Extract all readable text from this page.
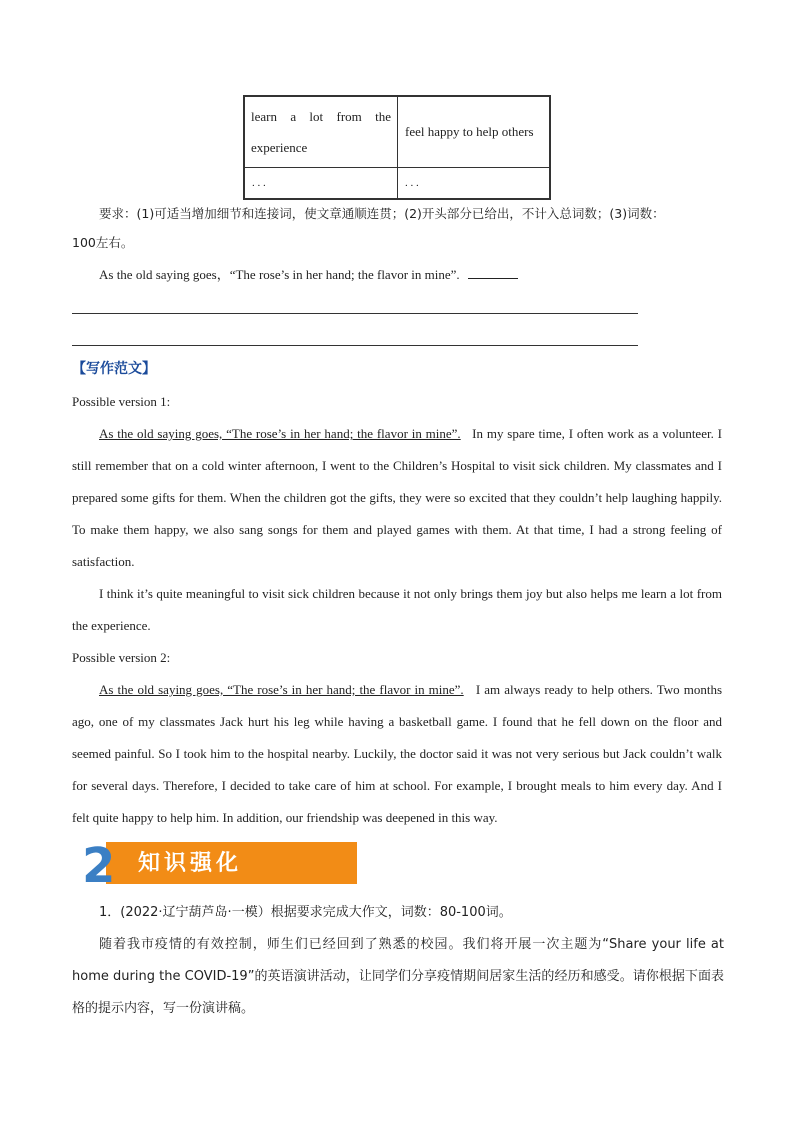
learn a lot from the experience	feel happy to help others
. . .	. . .

要求：(1)可适当增加细节和连接词，使文章通顺连贯；(2)开头部分已给出，不计入总词数；(3)词数：

100左右。

As the old saying goes，“The rose’s in her hand; the flavor in mine”.

【写作范文】

Possible version 1:

As the old saying goes, “The rose’s in her hand; the flavor in mine”. In my spare time, I often work as a volunteer. I still remember that on a cold winter afternoon, I went to the Children’s Hospital to visit sick children. My classmates and I prepared some gifts for them. When the children got the gifts, they were so excited that they couldn’t help laughing happily. To make them happy, we also sang songs for them and played games with them. At that time, I had a strong feeling of satisfaction.

I think it’s quite meaningful to visit sick children because it not only brings them joy but also helps me learn a lot from the experience.

Possible version 2:

As the old saying goes, “The rose’s in her hand; the flavor in mine”. I am always ready to help others. Two months ago, one of my classmates Jack hurt his leg while having a basketball game. I found that he fell down on the floor and seemed painful. So I took him to the hospital nearby. Luckily, the doctor said it was not very serious but Jack couldn’t walk for several days. Therefore, I decided to take care of him at school. For example, I brought meals to him every day. And I felt quite happy to help him. In addition, our friendship was deepened in this way.

2 知识强化

1．(2022·辽宁葫芦岛·一模）根据要求完成大作文，词数：80-100词。

随着我市疫情的有效控制，师生们已经回到了熟悉的校园。我们将开展一次主题为“Share your life at home during the COVID-19”的英语演讲活动，让同学们分享疫情期间居家生活的经历和感受。请你根据下面表格的提示内容，写一份演讲稿。
